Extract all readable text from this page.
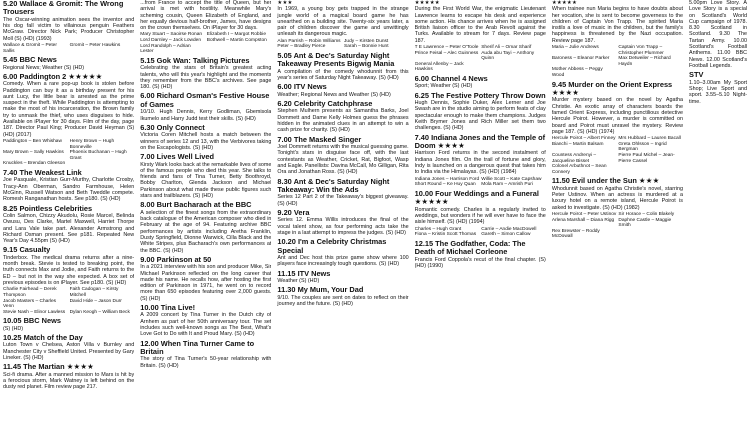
5.20 Wallace & Gromit: The Wrong Trousers
The Oscar-winning animation sees the inventor and his dog fall victim to villainous penguin Feathers McGraw. Director Nick Park; Producer Christopher Moll (S) (HD) (1993)
Wallace & Gromit – Peter Sallis
Gromit – Peter Hawkins
5.45 BBC News
Regional News; Weather (S) (HD)
6.00 Paddington 2 ★★★★★
Comedy. When a rare pop-up book is stolen before Paddington can buy it as a birthday present for his aunt Lucy, the little bear is arrested as the prime suspect in the theft. While Paddington is attempting to make the most of his incarceration, the Brown family try to unmask the thief, who uses disguises to hide. Available on iPlayer for 30 days. Film of the day, page 187. Director Paul King; Producer David Heyman (S) (HD) (2017)
Paddington – Ben Whishaw	Henry Brown – Hugh Bonneville
Mary Brown – Sally Hawkins	Phoenix Buchanan – Hugh Grant
Knuckles – Brendan Gleeson
7.40 The Weakest Link
Joe Pasquale, Kristian Gurr-Murthy, Charlotte Crosby, Tracy-Ann Oberman, Sandro Farmhouse, Helen McGinn, Russell Watson and Beth Tweddle compete. Romesh Ranganathan hosts. See p180. (S) (HD)
8.25 Pointless Celebrities
Colin Salmon, Chizzy Akudolu, Rosie Marcel, Belinda Owusu, Des Clarke, Martel Maxwell, Harriet Thorpe and Lara Vale take part. Alexander Armstrong and Richard Osman present. See p181. Repeated New Year's Day 4.55pm (S) (HD)
9.15 Casualty
Tinderbox. The medical drama returns after a nine-month break. Stevie is tested to breaking point, the truth connects Max and Jodie, and Faith returns to the ED – but not in the way she expected. A box set of previous episodes is on iPlayer. See p180. (S) (HD)
Charlie Fairhead – Derek Thompson
Faith Cadogan – Kirsty Mitchell
Jacob Masters – Charles Venn
David Hide – Jason Durr
Stevie Nash – Elinor Lawless Dylan Keogh – William Beck
10.05 BBC News
(S) (HD)
10.25 Match of the Day
Luton Town v Chelsea, Aston Villa v Burnley and Manchester City v Sheffield United. Presented by Gary Lineker. (S) (HD)
11.45 The Martian ★★★★
Sci-fi drama. After a manned mission to Mars is hit by a ferocious storm, Mark Watney is left behind on the dusty red planet. Film review page 217.
...from France to accept the title of Queen, but her arrival is met with hostility. Meanwhile Mary's scheming cousin, Queen Elizabeth of England, and her equally devious half-brother, James, have designs on the crown themselves. On iPlayer for 30 days.
Mary Stuart – Saoirse Ronan Elizabeth I – Margot Robbie
Lord Darnley – Jack Lowden	Bothwell – Martin Compston
Lord Randolph – Adrian Lester
5.15 Gok Wan: Talking Pictures
Celebrating the stars of Britain's greatest acting talents, who will this year's highlight and the moments they remember from the BBC's archives. See page 180. (S) (HD)
6.00 Richard Osman's Festive House of Games
10/10. Hugh Dennis, Kerry Godliman, Gbemisola Ikumelo and Harry Judd test their skills. (S) (HD)
6.30 Only Connect
Victoria Coren Mitchell hosts a match between the winners of series 12 and 13, with the Verbivores taking on the Escapologists. (S) (HD)
7.00 Lives Well Lived
Kirsty Wark looks back at the remarkable lives of some of the famous people who died this year. She talks to friends and fans of Tina Turner, Betty Boothroyd, Bobby Charlton, Glenda Jackson and Michael Parkinson about what made these public figures such stars and trailblazers. (S) (HD)
8.00 Burt Bacharach at the BBC
A selection of the finest songs from the extraordinary back catalogue of the American composer who died in February at the age of 94. Featuring archive BBC performances by artists including Aretha Franklin, Dusty Springfield, Dionne Warwick, Cilla Black and the White Stripes, plus Bacharach's own performances at the BBC. (S) (HD)
9.00 Parkinson at 50
In a 2021 interview with his son and producer Mike, Sir Michael Parkinson reflected on the long career that made his name. He recalls how, after hosting the first edition of Parkinson in 1971, he went on to record more than 650 episodes featuring over 2,000 guests. (S) (HD)
10.00 Tina Live!
A 2009 concert by Tina Turner in the Dutch city of Arnhem as part of her 50th anniversary tour. The set includes such well-known songs as The Best, What's Love Got to Do with It and Proud Mary. (S) (HD)
12.00 When Tina Turner Came to Britain
The story of Tina Turner's 50-year relationship with Britain. (S) (HD)
★★★
In 1969, a young boy gets trapped in the strange jungle world of a magical board game he has unearthed on a building site. Twenty-six years later, a pair of children discover the game and unwittingly unleash its dangerous magic.
Alan Parrish – Robin Williams Judy – Kirsten Dunst
Peter – Bradley Pierce	Sarah – Bonnie Hunt
5.05 Ant & Dec's Saturday Night Takeaway Presents Bigwig Mania
A compilation of the comedy whodunnit from this year's series of Saturday Night Takeaway. (S) (HD)
6.00 ITV News
Weather; Regional News and Weather (S) (HD)
6.20 Celebrity Catchphrase
Stephen Mulhern presents as Samantha Barks, Joel Dommett and Dame Kelly Holmes guess the phrases hidden in the animated clues in an attempt to win a cash prize for charity. (S) (HD)
7.00 The Masked Singer
Joel Dommett returns with the musical guessing game. Tonight's stars in disguise face off, with the last contestants as Weather, Cricket, Rat, Bigfoot, Wasp and Eagle. Panellists: Davina McCall, Mo Gilligan, Rita Ora and Jonathan Ross. (S) (HD)
8.30 Ant & Dec's Saturday Night Takeaway: Win the Ads
Series 12 Part 2 of the Takeaway's biggest giveaway. (S) (HD)
9.20 Vera
Series 12. Emma Willis introduces the final of the vocal talent show, as four performing acts take the stage in a last attempt to impress the judges. (S) (HD)
10.20 I'm a Celebrity Christmas Special
Ant and Dec host this prize game show where 100 players face increasingly tough questions. (S) (HD)
11.15 ITV News
Weather (S) (HD)
11.30 My Mum, Your Dad
9/10. The couples are sent on dates to reflect on their journey and the future. (S) (HD)
★★★★★
During the First World War, the enigmatic Lieutenant Lawrence learns to escape his desk and experience some action. His chance arrives when he is assigned British liaison officer to the Arab Revolt against the Turks. Available to stream for 7 days. Review page 187.
T E Lawrence – Peter O'Toole Sherif Ali – Omar Sharif
Prince Feisal – Alec Guinness Auda abu Tayi – Anthony Quinn
General Allenby – Jack Hawkins
6.00 Channel 4 News
Sport; Weather (S) (HD)
6.25 The Festive Pottery Throw Down
Hugh Dennis, Sophie Duker, Alex Lerner and Joe Swash are in the studio aiming to perform feats of clay spectacular enough to make them champions. Judges Keith Brymer Jones and Rich Miller set them two challenges. (S) (HD)
7.40 Indiana Jones and the Temple of Doom ★★★★
Harrison Ford returns in the second instalment of Indiana Jones film. On the trail of fortune and glory, Indy is launched on a dangerous quest that takes him to India via the Himalayas. (S) (HD) (1984)
Indiana Jones – Harrison Ford Willie Scott – Kate Capshaw
Short Round – Ke Huy Quan	Mola Ram – Amrish Puri
10.00 Four Weddings and a Funeral ★★★★★
Romantic comedy. Charles is a regularly invited to weddings, but wonders if he will ever have to face the aisle himself. (S) (HD) (1994)
Charles – Hugh Grant	Carrie – Andie MacDowell
Fiona – Kristin Scott Thomas	Gareth – Simon Callow
12.15 The Godfather, Coda: The Death of Michael Corleone
Francis Ford Coppola's recut of the final chapter. (S) (HD) (1990)
★★★★★
When trainee nun Maria begins to have doubts about her vocation, she is sent to become governess to the children of Captain Von Trapp. The spirited Maria instils a love of music in the children, but the family's happiness is threatened by the Nazi occupation. Review page 187.
Maria – Julie Andrews	Captain Von Trapp – Christopher Plummer
Baroness – Eleanor Parker	Max Detweiler – Richard Haydn
Mother Abbess – Peggy Wood
9.45 Murder on the Orient Express ★★★★
Murder mystery based on the novel by Agatha Christie. An exotic array of characters boards the famed Orient Express, including punctilious detective Hercule Poirot. However, a murder is committed on board and Poirot must unravel the mystery. Review page 187. (S) (HD) (1974)
Hercule Poirot – Albert Finney Mrs Hubbard – Lauren Bacall
Bianchi – Martin Balsam	Greta Ohlsson – Ingrid Bergman
Countess Andrenyi – Jacqueline Bisset
Pierre Paul Michel – Jean-Pierre Cassel
Colonel Arbuthnot – Sean Connery
11.50 Evil under the Sun ★★★
Whodunnit based on Agatha Christie's novel, starring Peter Ustinov. When an actress is murdered at a luxury hotel on a remote island, Hercule Poirot is asked to investigate. (S) (HD) (1982)
Hercule Poirot – Peter Ustinov Sir Horace – Colin Blakely
Arlena Marshall – Diana Rigg Daphne Castle – Maggie Smith
Rex Brewster – Roddy McDowall
5.00pm Love Story. A Love Story is a special on Scotland's World Cup campaign of 1978. 8.30 Scotland in Scotland. 9.30 The Tartan Army. 10.00 Scotland's Football Anthems. 11.00 BBC News. 12.00 Scotland's Football Legends.
STV
1.10–3.00am My Sport Shop; Live Sport and sport. 3.55–5.10 Night-time.
